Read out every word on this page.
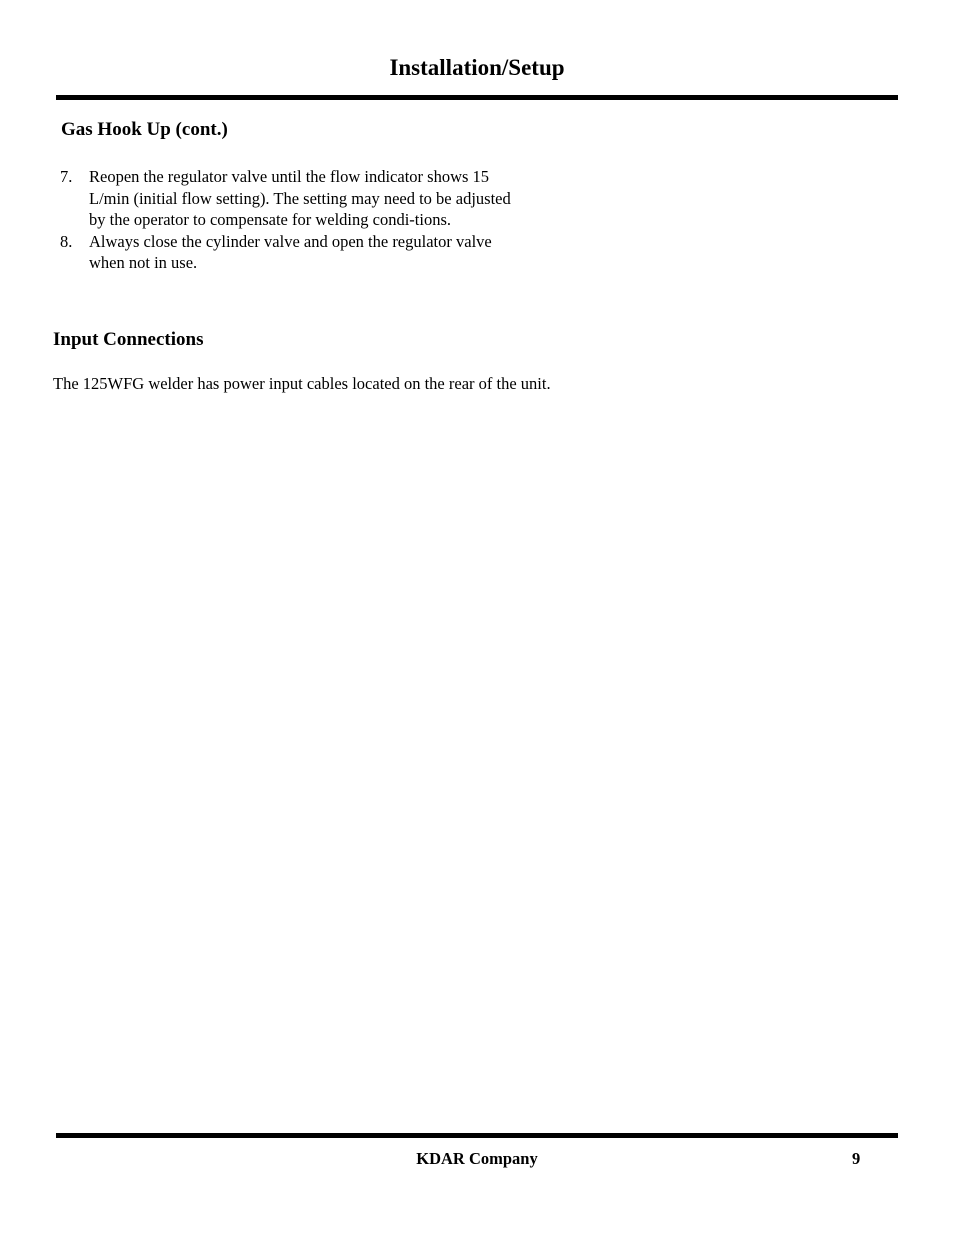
Installation/Setup
Gas Hook Up (cont.)
7. Reopen the regulator valve until the flow indicator shows 15 L/min (initial flow setting). The setting may need to be adjusted by the operator to compensate for welding condi-tions.
8. Always close the cylinder valve and open the regulator valve when not in use.
Input Connections

The 125WFG welder has power input cables located on the rear of the unit.

KDAR Company	9
